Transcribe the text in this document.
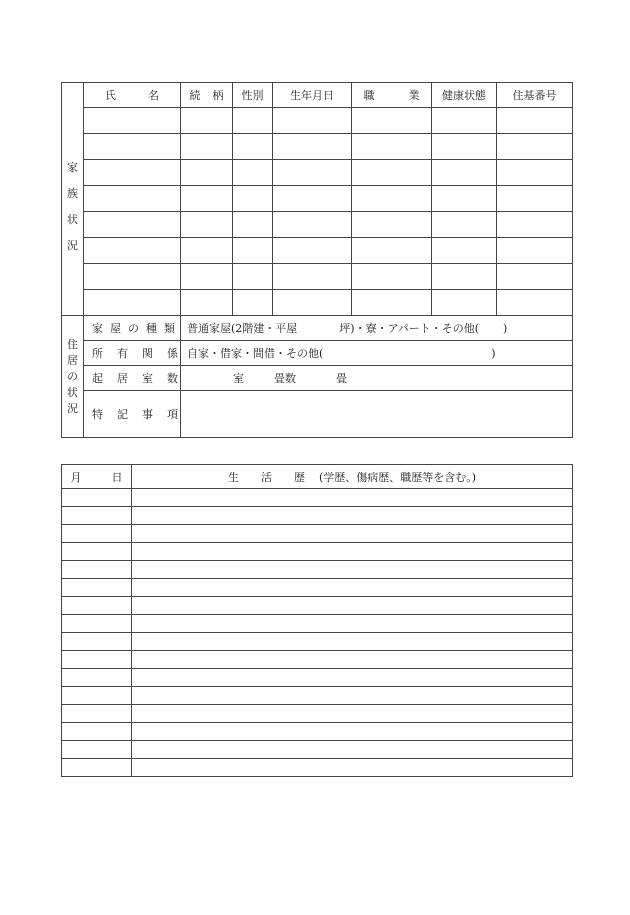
家
族
状
況	氏 名	続 柄	性別	生年月日	職 業	健康状態	住基番号

住
居
の
状
況	家 屋 の 種 類	普通家屋(2階建・平屋 坪)・寮・アパート・その他( )					
	所 有 関 係	自家・借家・間借・その他( )					
	起 居 室 数	室 畳数 畳					
	特 記 事 項						
月 日	生 活 歴 (学歴、傷病歴、職歴等を含む。)
